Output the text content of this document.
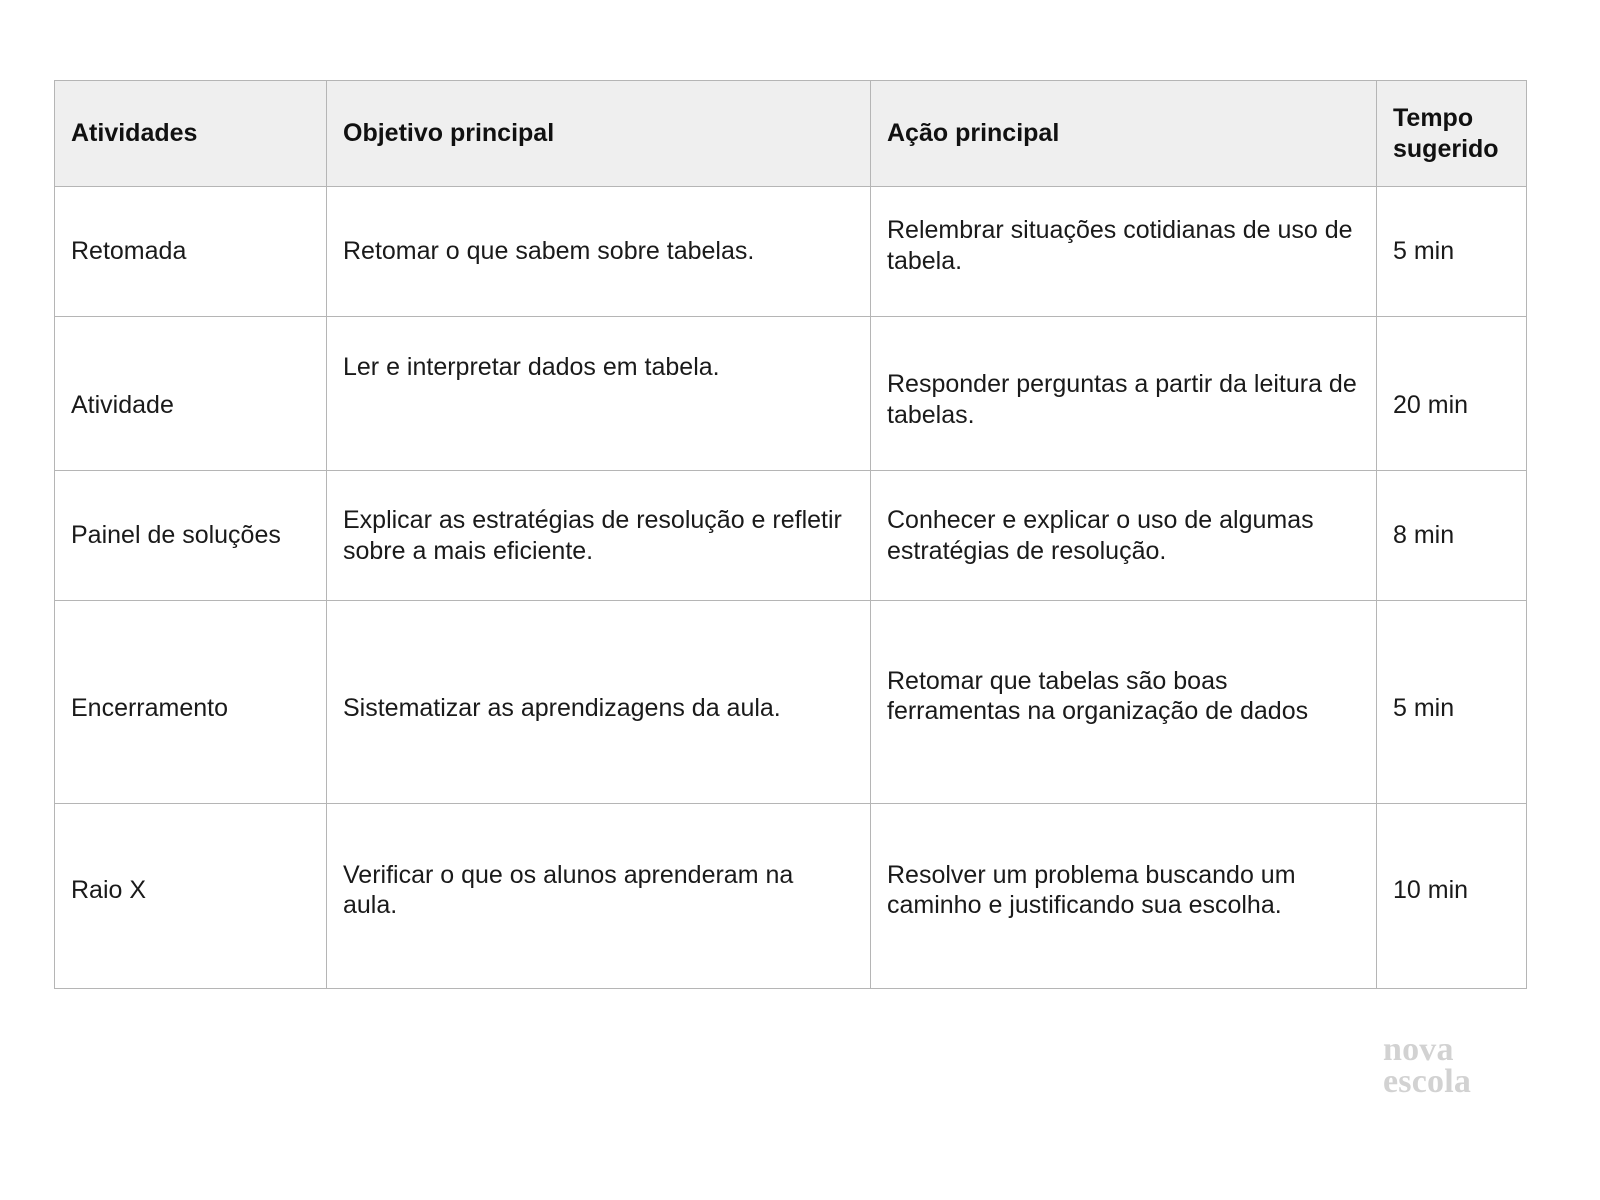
Atividades	Objetivo principal	Ação principal	Tempo
sugerido

Retomada	Retomar o que sabem sobre tabelas.	Relembrar situações cotidianas de uso de tabela.	5 min

Atividade	Ler e interpretar dados em tabela.	Responder perguntas a partir da leitura de tabelas.	20 min

Painel de soluções	Explicar as estratégias de resolução e refletir sobre a mais eficiente.	Conhecer e explicar o uso de algumas estratégias de resolução.	8 min

Encerramento	Sistematizar as aprendizagens da aula.	Retomar que tabelas são boas ferramentas na organização de dados	5 min

Raio X	Verificar o que os alunos aprenderam na aula.	Resolver um problema buscando um caminho e justificando sua escolha.	10 min
nova
escola
